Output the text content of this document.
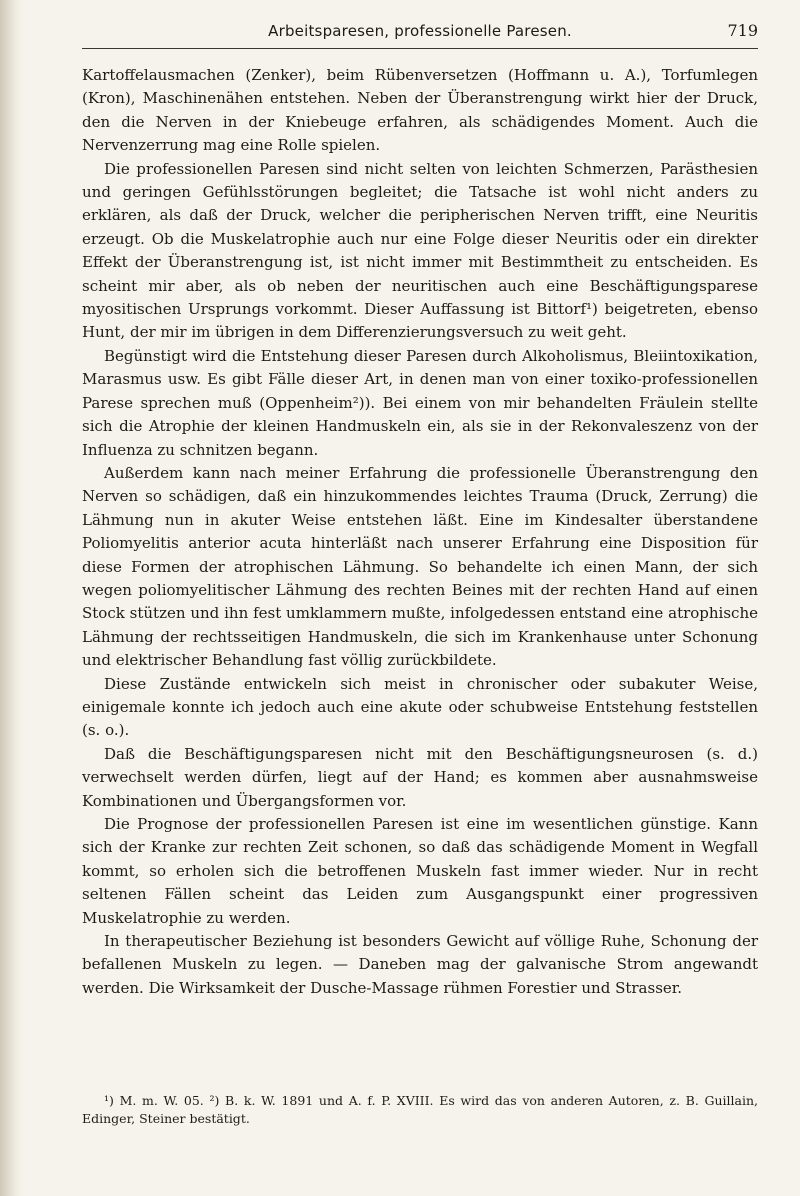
Arbeitsparesen, professionelle Paresen.	719

Kartoffelausmachen (Zenker), beim Rübenversetzen (Hoffmann u. A.), Torfumlegen (Kron), Maschinenähen entstehen. Neben der Überanstrengung wirkt hier der Druck, den die Nerven in der Kniebeuge erfahren, als schädigendes Moment. Auch die Nervenzerrung mag eine Rolle spielen.

Die professionellen Paresen sind nicht selten von leichten Schmerzen, Parästhesien und geringen Gefühlsstörungen begleitet; die Tatsache ist wohl nicht anders zu erklären, als daß der Druck, welcher die peripherischen Nerven trifft, eine Neuritis erzeugt. Ob die Muskelatrophie auch nur eine Folge dieser Neuritis oder ein direkter Effekt der Überanstrengung ist, ist nicht immer mit Bestimmtheit zu entscheiden. Es scheint mir aber, als ob neben der neuritischen auch eine Beschäftigungsparese myositischen Ursprungs vorkommt. Dieser Auffassung ist Bittorf¹) beigetreten, ebenso Hunt, der mir im übrigen in dem Differenzierungsversuch zu weit geht.

Begünstigt wird die Entstehung dieser Paresen durch Alkoholismus, Bleiintoxikation, Marasmus usw. Es gibt Fälle dieser Art, in denen man von einer toxiko-professionellen Parese sprechen muß (Oppenheim²)). Bei einem von mir behandelten Fräulein stellte sich die Atrophie der kleinen Handmuskeln ein, als sie in der Rekonvaleszenz von der Influenza zu schnitzen begann.

Außerdem kann nach meiner Erfahrung die professionelle Überanstrengung den Nerven so schädigen, daß ein hinzukommendes leichtes Trauma (Druck, Zerrung) die Lähmung nun in akuter Weise entstehen läßt. Eine im Kindesalter überstandene Poliomyelitis anterior acuta hinterläßt nach unserer Erfahrung eine Disposition für diese Formen der atrophischen Lähmung. So behandelte ich einen Mann, der sich wegen poliomyelitischer Lähmung des rechten Beines mit der rechten Hand auf einen Stock stützen und ihn fest umklammern mußte, infolgedessen entstand eine atrophische Lähmung der rechtsseitigen Handmuskeln, die sich im Krankenhause unter Schonung und elektrischer Behandlung fast völlig zurückbildete.

Diese Zustände entwickeln sich meist in chronischer oder subakuter Weise, einigemale konnte ich jedoch auch eine akute oder schubweise Entstehung feststellen (s. o.).

Daß die Beschäftigungsparesen nicht mit den Beschäftigungsneurosen (s. d.) verwechselt werden dürfen, liegt auf der Hand; es kommen aber ausnahmsweise Kombinationen und Übergangsformen vor.

Die Prognose der professionellen Paresen ist eine im wesentlichen günstige. Kann sich der Kranke zur rechten Zeit schonen, so daß das schädigende Moment in Wegfall kommt, so erholen sich die betroffenen Muskeln fast immer wieder. Nur in recht seltenen Fällen scheint das Leiden zum Ausgangspunkt einer progressiven Muskelatrophie zu werden.

In therapeutischer Beziehung ist besonders Gewicht auf völlige Ruhe, Schonung der befallenen Muskeln zu legen. — Daneben mag der galvanische Strom angewandt werden. Die Wirksamkeit der Dusche-Massage rühmen Forestier und Strasser.

¹) M. m. W. 05. ²) B. k. W. 1891 und A. f. P. XVIII. Es wird das von anderen Autoren, z. B. Guillain, Edinger, Steiner bestätigt.
